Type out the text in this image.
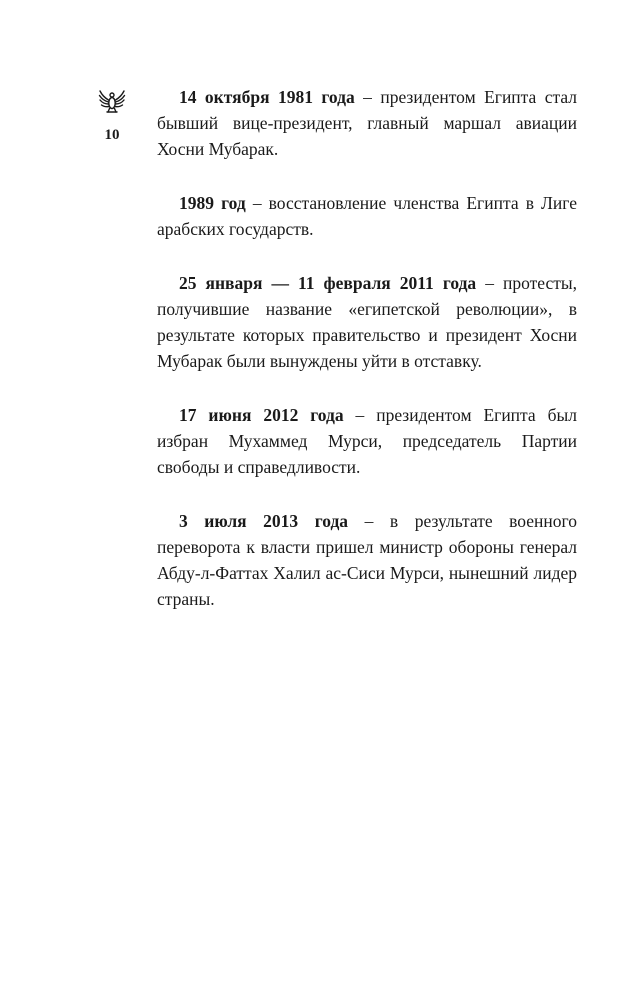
10

14 октября 1981 года – президентом Египта стал бывший вице-президент, главный маршал авиации Хосни Мубарак.

1989 год – восстановление членства Египта в Лиге арабских государств.

25 января — 11 февраля 2011 года – протесты, получившие название «египетской революции», в результате которых правительство и президент Хосни Мубарак были вынуждены уйти в отставку.

17 июня 2012 года – президентом Египта был избран Мухаммед Мурси, председатель Партии свободы и справедливости.

3 июля 2013 года – в результате военного переворота к власти пришел министр обороны генерал Абду-л-Фаттах Халил ас-Сиси Мурси, нынешний лидер страны.
